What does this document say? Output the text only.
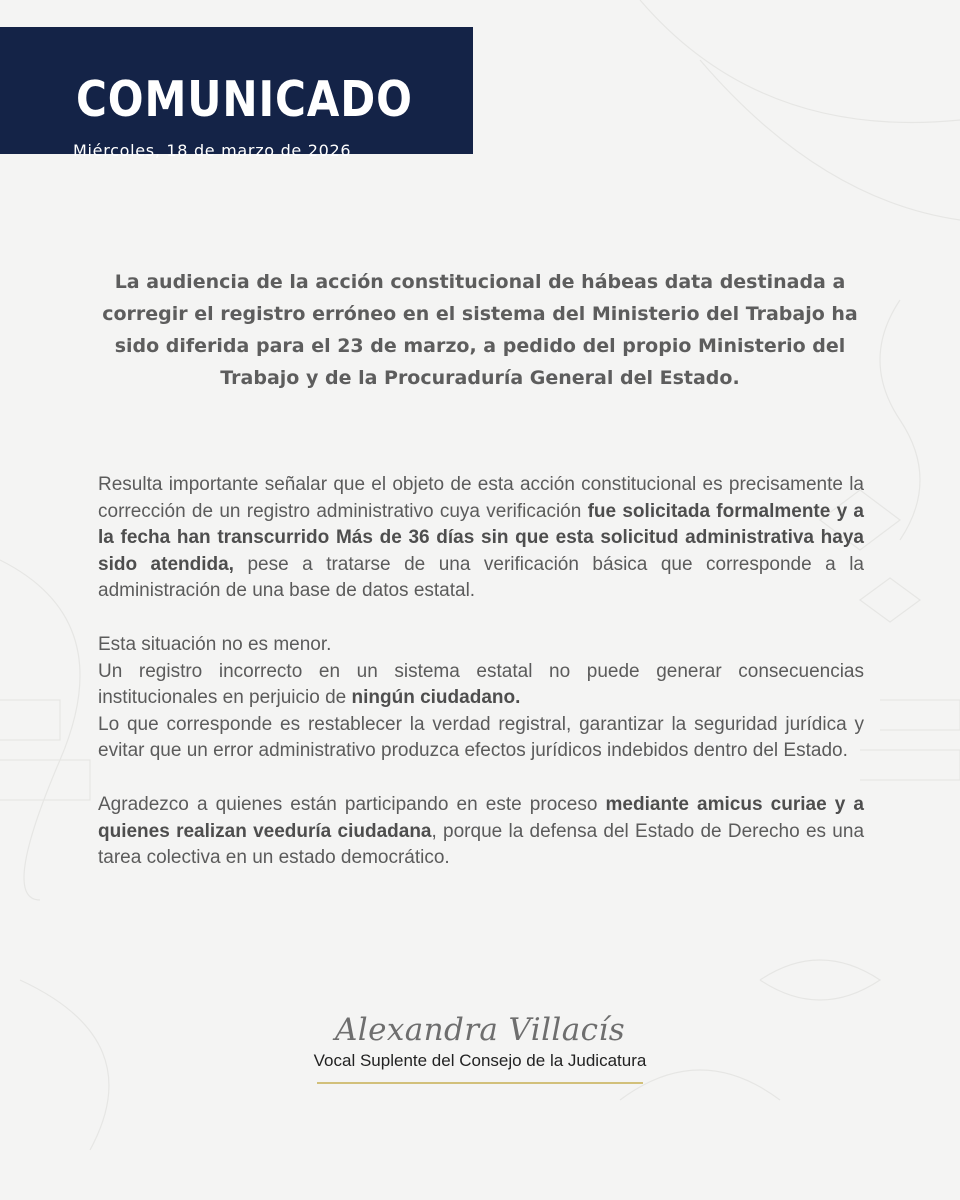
COMUNICADO
Miércoles, 18 de marzo de 2026
La audiencia de la acción constitucional de hábeas data destinada a corregir el registro erróneo en el sistema del Ministerio del Trabajo ha sido diferida para el 23 de marzo, a pedido del propio Ministerio del Trabajo y de la Procuraduría General del Estado.

Resulta importante señalar que el objeto de esta acción constitucional es precisamente la corrección de un registro administrativo cuya verificación fue solicitada formalmente y a la fecha han transcurrido Más de 36 días sin que esta solicitud administrativa haya sido atendida, pese a tratarse de una verificación básica que corresponde a la administración de una base de datos estatal.

Esta situación no es menor.

Un registro incorrecto en un sistema estatal no puede generar consecuencias institucionales en perjuicio de ningún ciudadano.

Lo que corresponde es restablecer la verdad registral, garantizar la seguridad jurídica y evitar que un error administrativo produzca efectos jurídicos indebidos dentro del Estado.

Agradezco a quienes están participando en este proceso mediante amicus curiae y a quienes realizan veeduría ciudadana, porque la defensa del Estado de Derecho es una tarea colectiva en un estado democrático.

Alexandra Villacís
Vocal Suplente del Consejo de la Judicatura
